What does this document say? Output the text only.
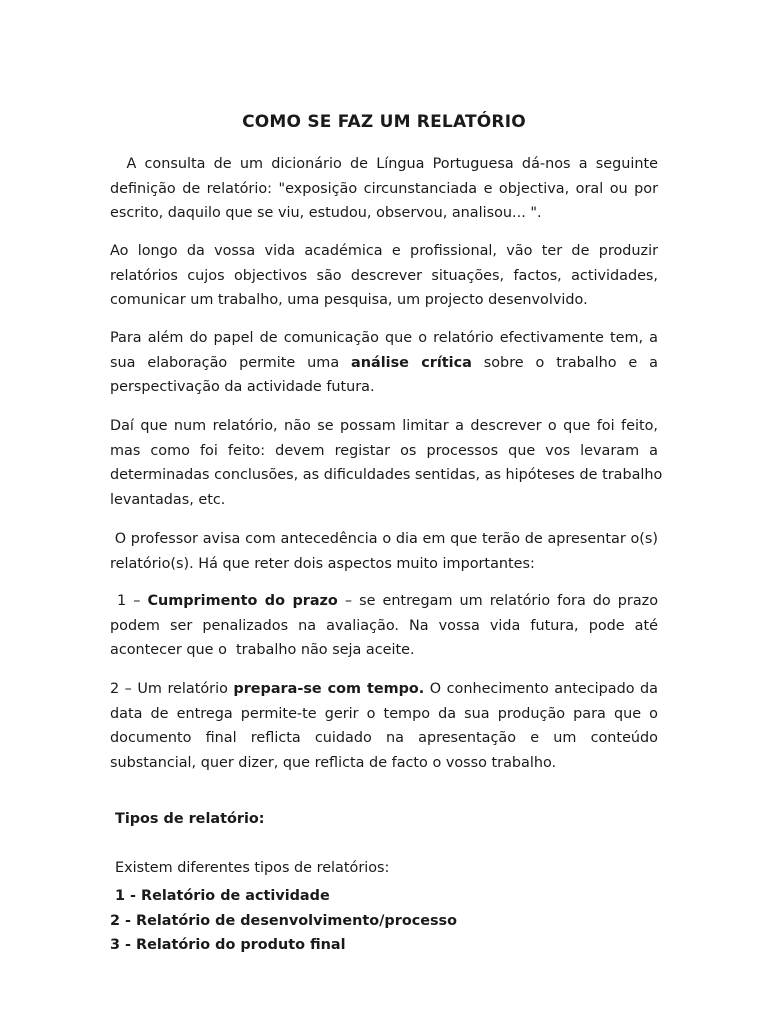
COMO SE FAZ UM RELATÓRIO
A consulta de um dicionário de Língua Portuguesa dá-nos a seguinte
definição de relatório: "exposição circunstanciada e objectiva, oral ou por
escrito, daquilo que se viu, estudou, observou, analisou... ".
Ao longo da vossa vida académica e profissional, vão ter de produzir
relatórios cujos objectivos são descrever situações, factos, actividades,
comunicar um trabalho, uma pesquisa, um projecto desenvolvido.
Para além do papel de comunicação que o relatório efectivamente tem, a
sua elaboração permite uma análise crítica sobre o trabalho e a
perspectivação da actividade futura.
Daí que num relatório, não se possam limitar a descrever o que foi feito,
mas como foi feito: devem registar os processos que vos levaram a
determinadas conclusões, as dificuldades sentidas, as hipóteses de trabalho
levantadas, etc.
O professor avisa com antecedência o dia em que terão de apresentar o(s)
relatório(s). Há que reter dois aspectos muito importantes:
1 – Cumprimento do prazo – se entregam um relatório fora do prazo
podem ser penalizados na avaliação. Na vossa vida futura, pode até
acontecer que o  trabalho não seja aceite.
2 – Um relatório prepara-se com tempo. O conhecimento antecipado da
data de entrega permite-te gerir o tempo da sua produção para que o
documento final reflicta cuidado na apresentação e um conteúdo
substancial, quer dizer, que reflicta de facto o vosso trabalho.
Tipos de relatório:

Existem diferentes tipos de relatórios:

1 - Relatório de actividade
2 - Relatório de desenvolvimento/processo
3 - Relatório do produto final
